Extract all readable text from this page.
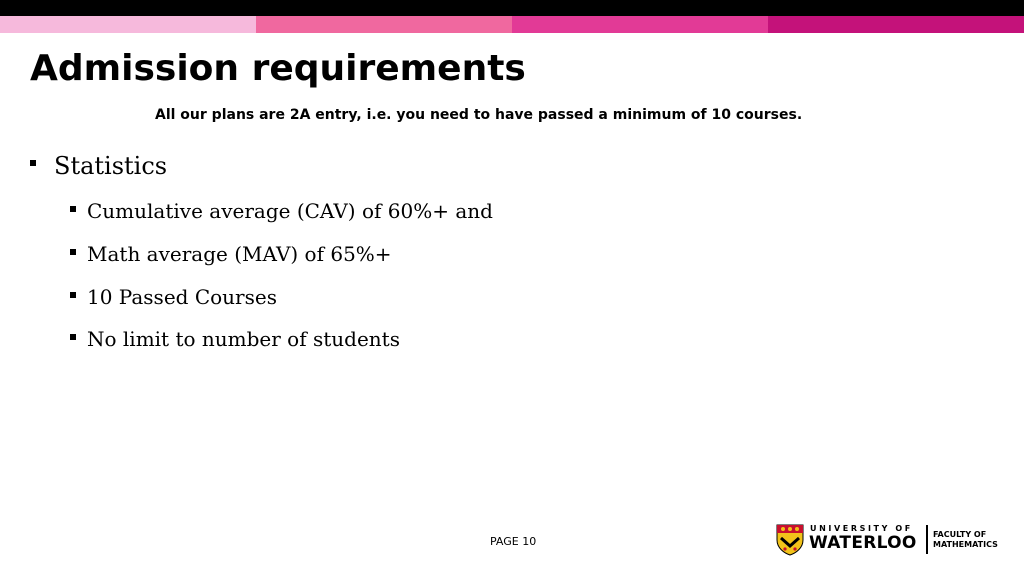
Admission requirements
All our plans are 2A entry, i.e. you need to have passed a minimum of 10 courses.
Statistics
Cumulative average (CAV) of 60%+ and
Math average (MAV) of 65%+
10 Passed Courses
No limit to number of students
PAGE 10
UNIVERSITY OF
WATERLOO FACULTY OF
MATHEMATICS
